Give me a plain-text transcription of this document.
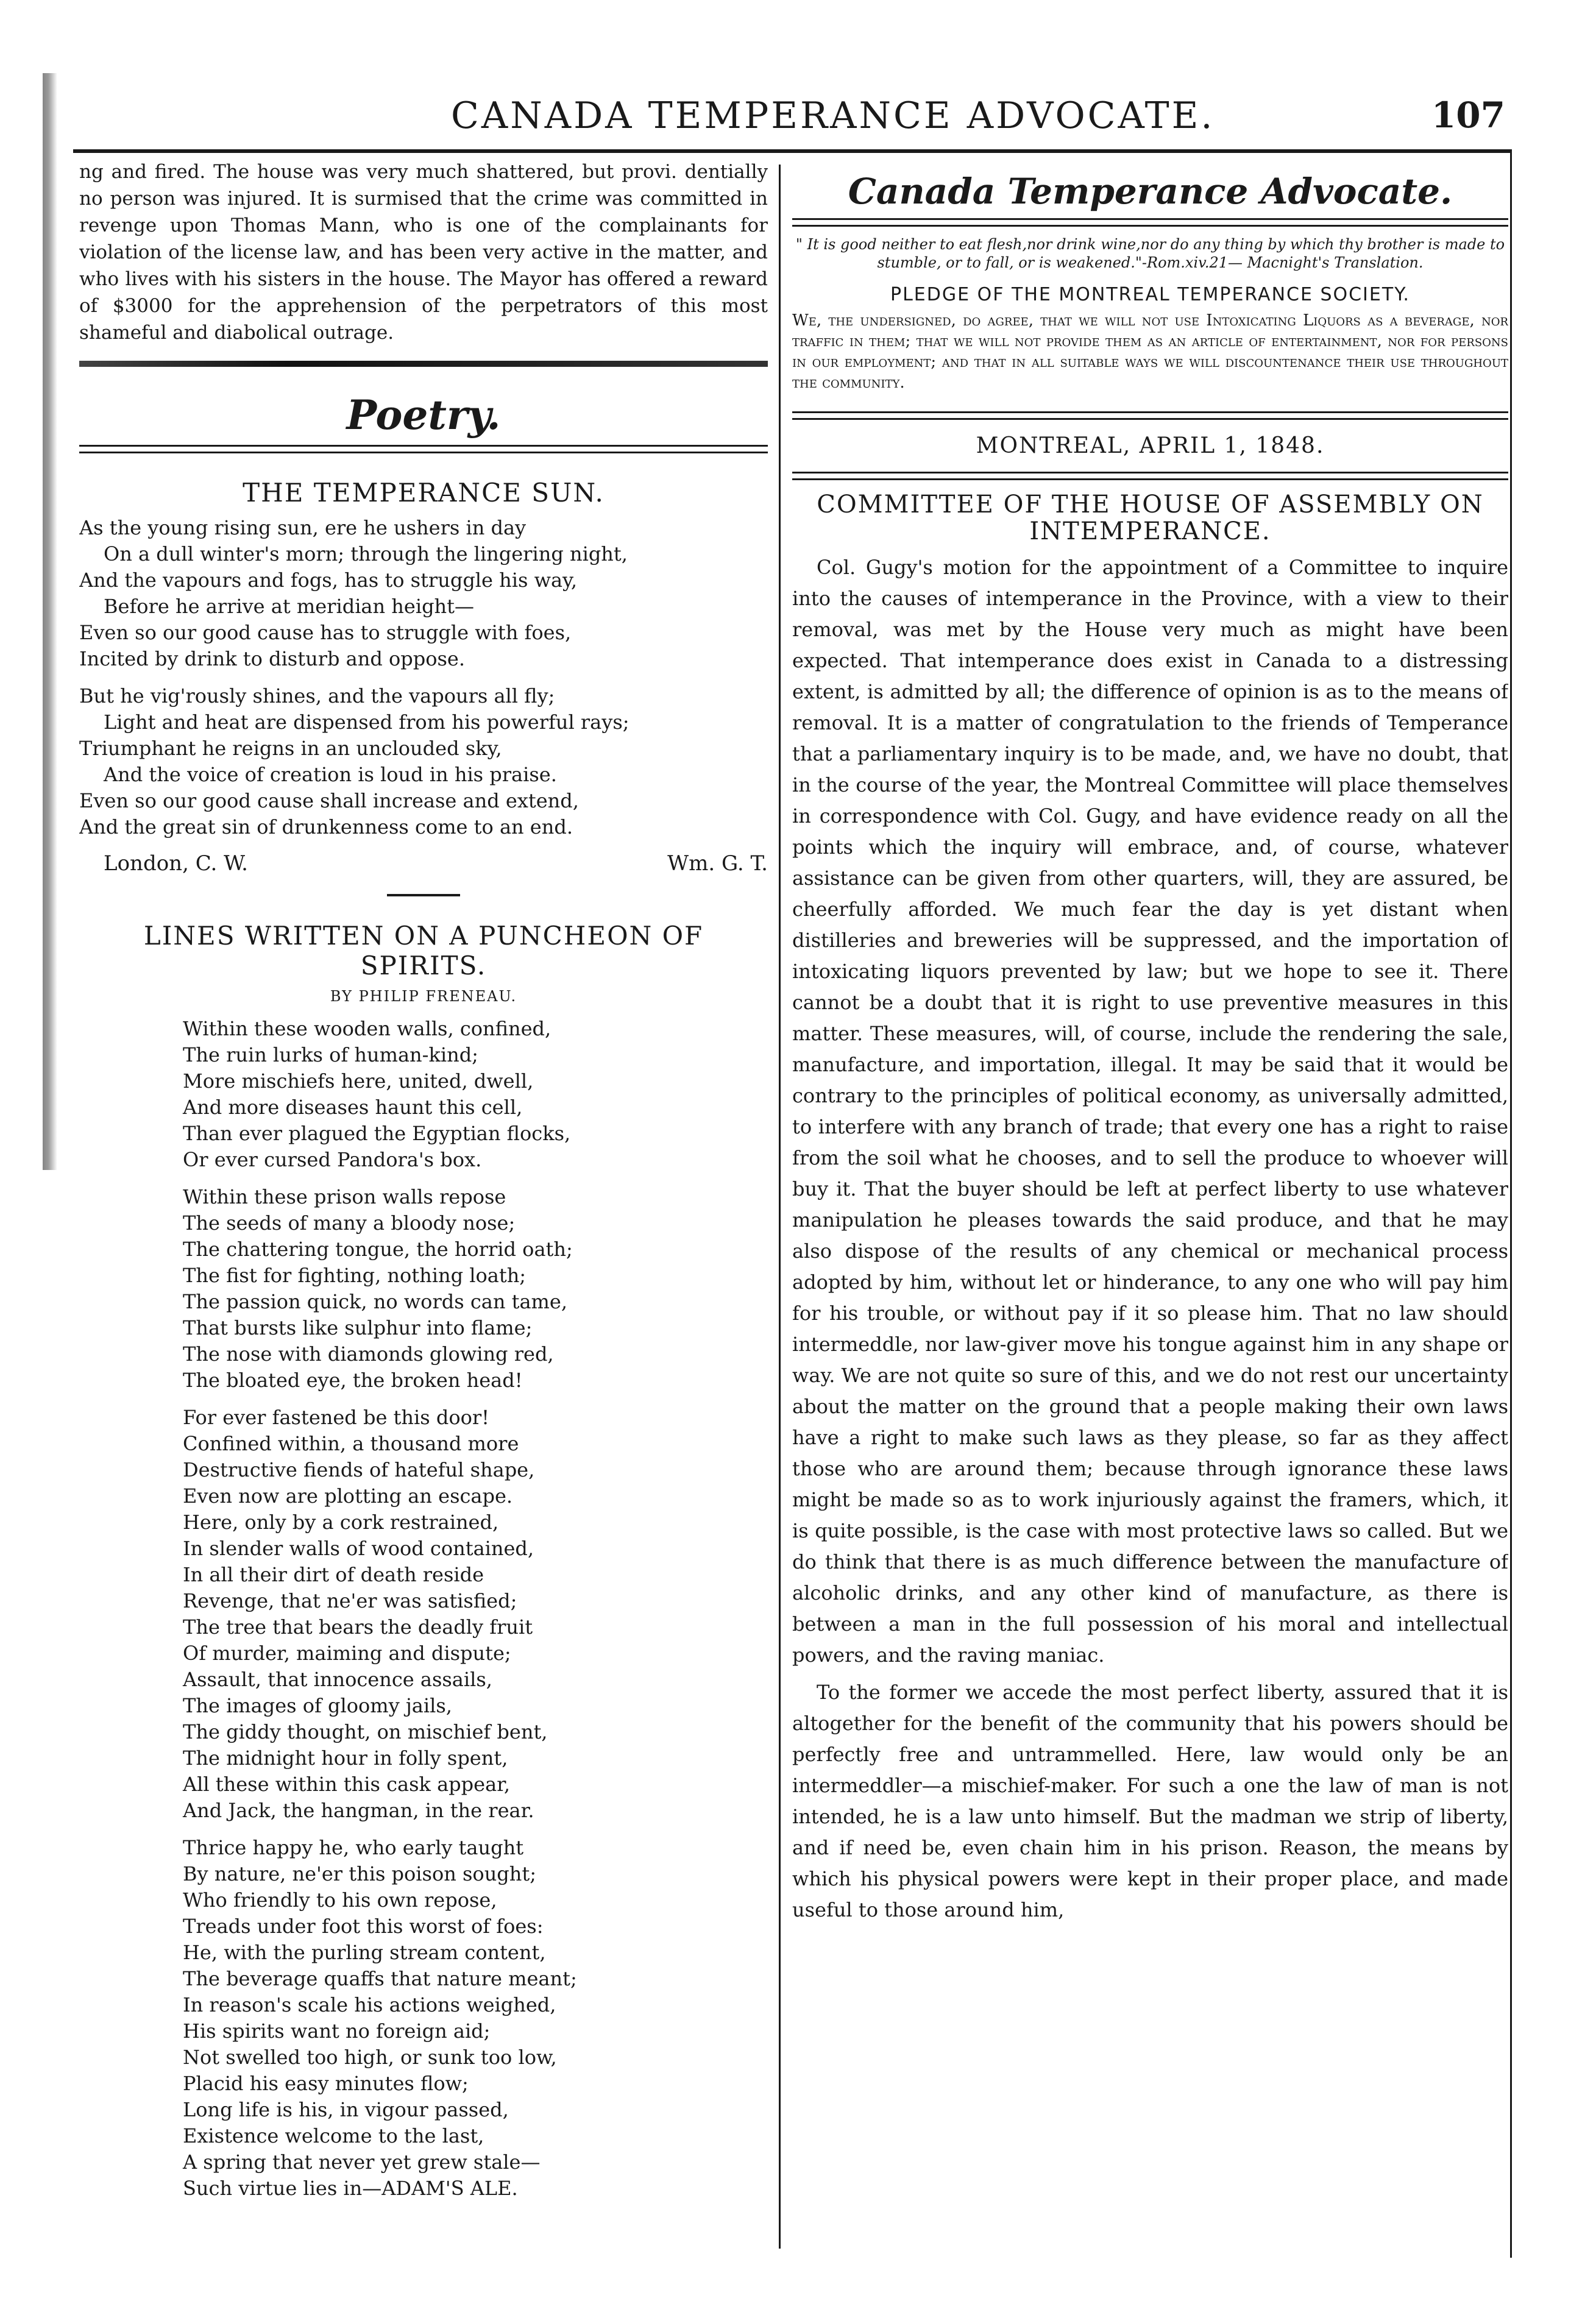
CANADA TEMPERANCE ADVOCATE.	107

ng and fired. The house was very much shattered, but provi. dentially no person was injured. It is surmised that the crime was committed in revenge upon Thomas Mann, who is one of the complainants for violation of the license law, and has been very active in the matter, and who lives with his sisters in the house. The Mayor has offered a reward of $3000 for the apprehension of the perpetrators of this most shameful and diabolical outrage.

Poetry.
THE TEMPERANCE SUN.
As the young rising sun, ere he ushers in day
On a dull winter's morn; through the lingering night,
And the vapours and fogs, has to struggle his way,
Before he arrive at meridian height—
Even so our good cause has to struggle with foes,
Incited by drink to disturb and oppose.
But he vig'rously shines, and the vapours all fly;
Light and heat are dispensed from his powerful rays;
Triumphant he reigns in an unclouded sky,
And the voice of creation is loud in his praise.
Even so our good cause shall increase and extend,
And the great sin of drunkenness come to an end.
London, C. W.	Wm. G. T.
LINES WRITTEN ON A PUNCHEON OF SPIRITS.
BY PHILIP FRENEAU.
Within these wooden walls, confined,
The ruin lurks of human-kind;
More mischiefs here, united, dwell,
And more diseases haunt this cell,
Than ever plagued the Egyptian flocks,
Or ever cursed Pandora's box.
Within these prison walls repose
The seeds of many a bloody nose;
The chattering tongue, the horrid oath;
The fist for fighting, nothing loath;
The passion quick, no words can tame,
That bursts like sulphur into flame;
The nose with diamonds glowing red,
The bloated eye, the broken head!
For ever fastened be this door!
Confined within, a thousand more
Destructive fiends of hateful shape,
Even now are plotting an escape.
Here, only by a cork restrained,
In slender walls of wood contained,
In all their dirt of death reside
Revenge, that ne'er was satisfied;
The tree that bears the deadly fruit
Of murder, maiming and dispute;
Assault, that innocence assails,
The images of gloomy jails,
The giddy thought, on mischief bent,
The midnight hour in folly spent,
All these within this cask appear,
And Jack, the hangman, in the rear.
Thrice happy he, who early taught
By nature, ne'er this poison sought;
Who friendly to his own repose,
Treads under foot this worst of foes:
He, with the purling stream content,
The beverage quaffs that nature meant;
In reason's scale his actions weighed,
His spirits want no foreign aid;
Not swelled too high, or sunk too low,
Placid his easy minutes flow;
Long life is his, in vigour passed,
Existence welcome to the last,
A spring that never yet grew stale—
Such virtue lies in—ADAM'S ALE.
Canada Temperance Advocate.

" It is good neither to eat flesh,nor drink wine,nor do any thing by which thy brother is made to stumble, or to fall, or is weakened."-Rom.xiv.21— Macnight's Translation.

PLEDGE OF THE MONTREAL TEMPERANCE SOCIETY.

We, the undersigned, do agree, that we will not use Intoxicating Liquors as a beverage, nor traffic in them; that we will not provide them as an article of entertainment, nor for persons in our employment; and that in all suitable ways we will discountenance their use throughout the community.

MONTREAL, APRIL 1, 1848.
COMMITTEE OF THE HOUSE OF ASSEMBLY ON INTEMPERANCE.

Col. Gugy's motion for the appointment of a Committee to inquire into the causes of intemperance in the Province, with a view to their removal, was met by the House very much as might have been expected. That intemperance does exist in Canada to a distressing extent, is admitted by all; the difference of opinion is as to the means of removal. It is a matter of congratulation to the friends of Temperance that a parliamentary inquiry is to be made, and, we have no doubt, that in the course of the year, the Montreal Committee will place themselves in correspondence with Col. Gugy, and have evidence ready on all the points which the inquiry will embrace, and, of course, whatever assistance can be given from other quarters, will, they are assured, be cheerfully afforded. We much fear the day is yet distant when distilleries and breweries will be suppressed, and the importation of intoxicating liquors prevented by law; but we hope to see it. There cannot be a doubt that it is right to use preventive measures in this matter. These measures, will, of course, include the rendering the sale, manufacture, and importation, illegal. It may be said that it would be contrary to the principles of political economy, as universally admitted, to interfere with any branch of trade; that every one has a right to raise from the soil what he chooses, and to sell the produce to whoever will buy it. That the buyer should be left at perfect liberty to use whatever manipulation he pleases towards the said produce, and that he may also dispose of the results of any chemical or mechanical process adopted by him, without let or hinderance, to any one who will pay him for his trouble, or without pay if it so please him. That no law should intermeddle, nor law-giver move his tongue against him in any shape or way. We are not quite so sure of this, and we do not rest our uncertainty about the matter on the ground that a people making their own laws have a right to make such laws as they please, so far as they affect those who are around them; because through ignorance these laws might be made so as to work injuriously against the framers, which, it is quite possible, is the case with most protective laws so called. But we do think that there is as much difference between the manufacture of alcoholic drinks, and any other kind of manufacture, as there is between a man in the full possession of his moral and intellectual powers, and the raving maniac.

To the former we accede the most perfect liberty, assured that it is altogether for the benefit of the community that his powers should be perfectly free and untrammelled. Here, law would only be an intermeddler—a mischief-maker. For such a one the law of man is not intended, he is a law unto himself. But the madman we strip of liberty, and if need be, even chain him in his prison. Reason, the means by which his physical powers were kept in their proper place, and made useful to those around him,
